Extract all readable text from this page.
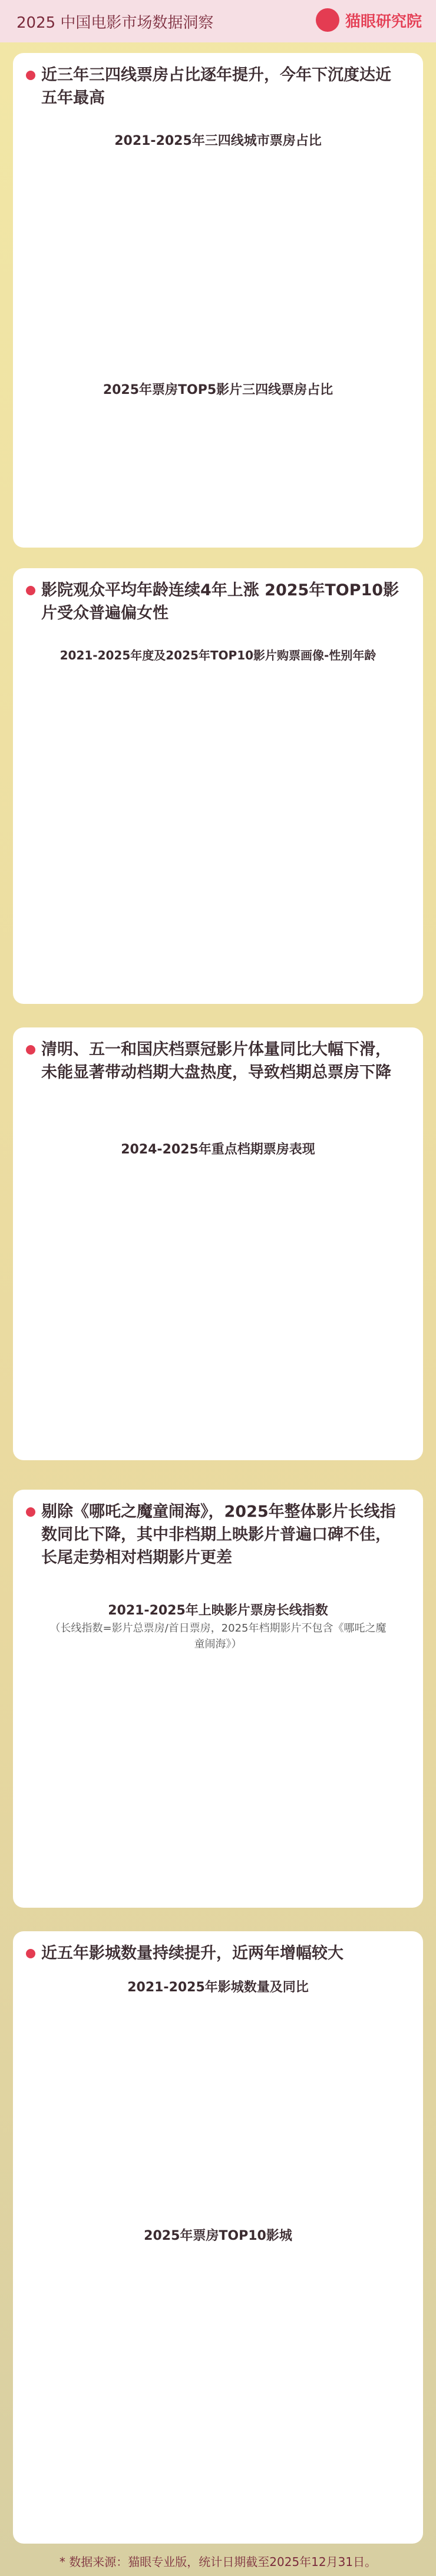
2025 中国电影市场数据洞察	猫眼研究院
近三年三四线票房占比逐年提升，今年下沉度达近五年最高
2021-2025年三四线城市票房占比
2025年票房TOP5影片三四线票房占比
影院观众平均年龄连续4年上涨 2025年TOP10影片受众普遍偏女性
2021-2025年度及2025年TOP10影片购票画像-性别年龄
清明、五一和国庆档票冠影片体量同比大幅下滑，未能显著带动档期大盘热度，导致档期总票房下降
2024-2025年重点档期票房表现
剔除《哪吒之魔童闹海》，2025年整体影片长线指数同比下降，其中非档期上映影片普遍口碑不佳，长尾走势相对档期影片更差
2021-2025年上映影片票房长线指数
（长线指数=影片总票房/首日票房，2025年档期影片不包含《哪吒之魔童闹海》）
近五年影城数量持续提升，近两年增幅较大
2021-2025年影城数量及同比
2025年票房TOP10影城
* 数据来源：猫眼专业版，统计日期截至2025年12月31日。
